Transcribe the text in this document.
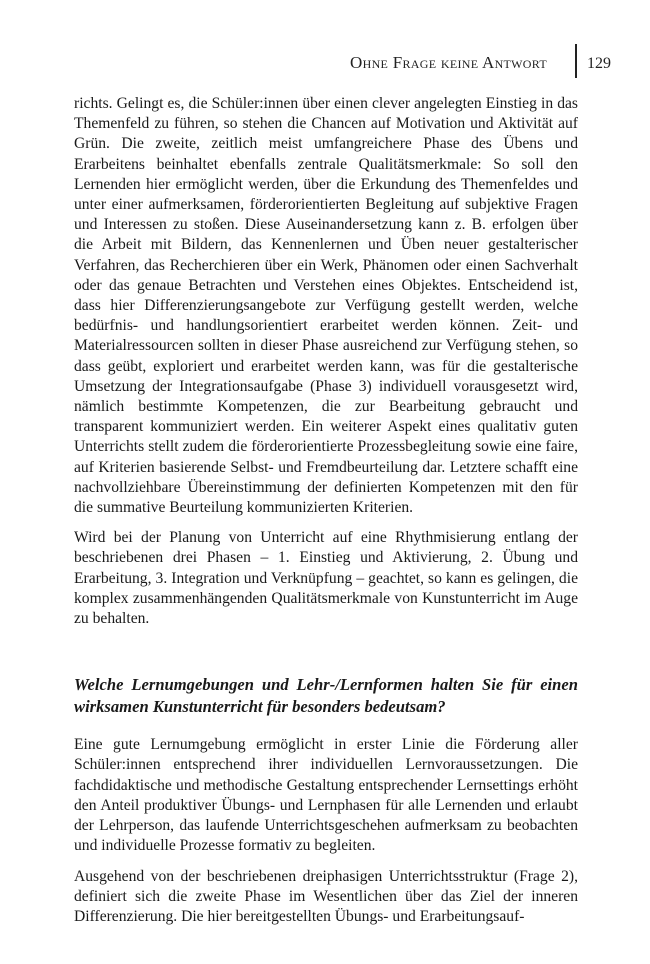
Ohne Frage keine Antwort	129

richts. Gelingt es, die Schüler:innen über einen clever angelegten Einstieg in das Themenfeld zu führen, so stehen die Chancen auf Motivation und Aktivität auf Grün. Die zweite, zeitlich meist umfangreichere Phase des Übens und Erarbeitens beinhaltet ebenfalls zentrale Qualitätsmerkmale: So soll den Lernenden hier ermöglicht werden, über die Erkundung des Themenfeldes und unter einer aufmerksamen, förderorientierten Begleitung auf subjektive Fragen und Interessen zu stoßen. Diese Auseinandersetzung kann z. B. erfolgen über die Arbeit mit Bildern, das Kennenlernen und Üben neuer gestalterischer Verfahren, das Recherchieren über ein Werk, Phänomen oder einen Sachverhalt oder das genaue Betrachten und Verstehen eines Objektes. Entscheidend ist, dass hier Differenzierungsangebote zur Verfügung gestellt werden, welche bedürfnis- und handlungsorientiert erarbeitet werden können. Zeit- und Materialressourcen sollten in dieser Phase ausreichend zur Verfügung stehen, so dass geübt, exploriert und erarbeitet werden kann, was für die gestalterische Umsetzung der Integrationsaufgabe (Phase 3) individuell vorausgesetzt wird, nämlich bestimmte Kompetenzen, die zur Bearbeitung gebraucht und transparent kommuniziert werden. Ein weiterer Aspekt eines qualitativ guten Unterrichts stellt zudem die förderorientierte Prozessbegleitung sowie eine faire, auf Kriterien basierende Selbst- und Fremdbeurteilung dar. Letztere schafft eine nachvollziehbare Übereinstimmung der definierten Kompetenzen mit den für die summative Beurteilung kommunizierten Kriterien.

Wird bei der Planung von Unterricht auf eine Rhythmisierung entlang der beschriebenen drei Phasen – 1. Einstieg und Aktivierung, 2. Übung und Erarbeitung, 3. Integration und Verknüpfung – geachtet, so kann es gelingen, die komplex zusammenhängenden Qualitätsmerkmale von Kunstunterricht im Auge zu behalten.

Welche Lernumgebungen und Lehr-/Lernformen halten Sie für einen wirksamen Kunstunterricht für besonders bedeutsam?

Eine gute Lernumgebung ermöglicht in erster Linie die Förderung aller Schüler:innen entsprechend ihrer individuellen Lernvoraussetzungen. Die fachdidaktische und methodische Gestaltung entsprechender Lernsettings erhöht den Anteil produktiver Übungs- und Lernphasen für alle Lernenden und erlaubt der Lehrperson, das laufende Unterrichtsgeschehen aufmerksam zu beobachten und individuelle Prozesse formativ zu begleiten.

Ausgehend von der beschriebenen dreiphasigen Unterrichtsstruktur (Frage 2), definiert sich die zweite Phase im Wesentlichen über das Ziel der inneren Differenzierung. Die hier bereitgestellten Übungs- und Erarbeitungsauf-
